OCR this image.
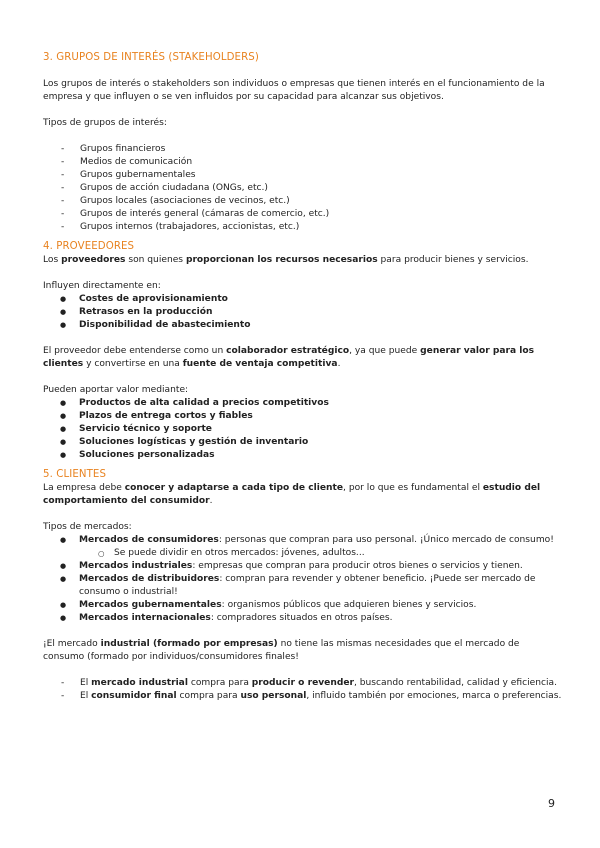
3. GRUPOS DE INTERÉS (STAKEHOLDERS)

Los grupos de interés o stakeholders son individuos o empresas que tienen interés en el funcionamiento de la empresa y que influyen o se ven influidos por su capacidad para alcanzar sus objetivos.

Tipos de grupos de interés:

- Grupos financieros
- Medios de comunicación
- Grupos gubernamentales
- Grupos de acción ciudadana (ONGs, etc.)
- Grupos locales (asociaciones de vecinos, etc.)
- Grupos de interés general (cámaras de comercio, etc.)
- Grupos internos (trabajadores, accionistas, etc.)
4. PROVEEDORES

Los proveedores son quienes proporcionan los recursos necesarios para producir bienes y servicios.

Influyen directamente en:

● Costes de aprovisionamiento
● Retrasos en la producción
● Disponibilidad de abastecimiento

El proveedor debe entenderse como un colaborador estratégico, ya que puede generar valor para los clientes y convertirse en una fuente de ventaja competitiva.

Pueden aportar valor mediante:

● Productos de alta calidad a precios competitivos
● Plazos de entrega cortos y fiables
● Servicio técnico y soporte
● Soluciones logísticas y gestión de inventario
● Soluciones personalizadas
5. CLIENTES

La empresa debe conocer y adaptarse a cada tipo de cliente, por lo que es fundamental el estudio del comportamiento del consumidor.

Tipos de mercados:

● Mercados de consumidores: personas que compran para uso personal. ¡Único mercado de consumo!
○ Se puede dividir en otros mercados: jóvenes, adultos...
● Mercados industriales: empresas que compran para producir otros bienes o servicios y tienen.
● Mercados de distribuidores: compran para revender y obtener beneficio. ¡Puede ser mercado de consumo o industrial!
● Mercados gubernamentales: organismos públicos que adquieren bienes y servicios.
● Mercados internacionales: compradores situados en otros países.

¡El mercado industrial (formado por empresas) no tiene las mismas necesidades que el mercado de consumo (formado por individuos/consumidores finales!

- El mercado industrial compra para producir o revender, buscando rentabilidad, calidad y eficiencia.
- El consumidor final compra para uso personal, influido también por emociones, marca o preferencias.
9
